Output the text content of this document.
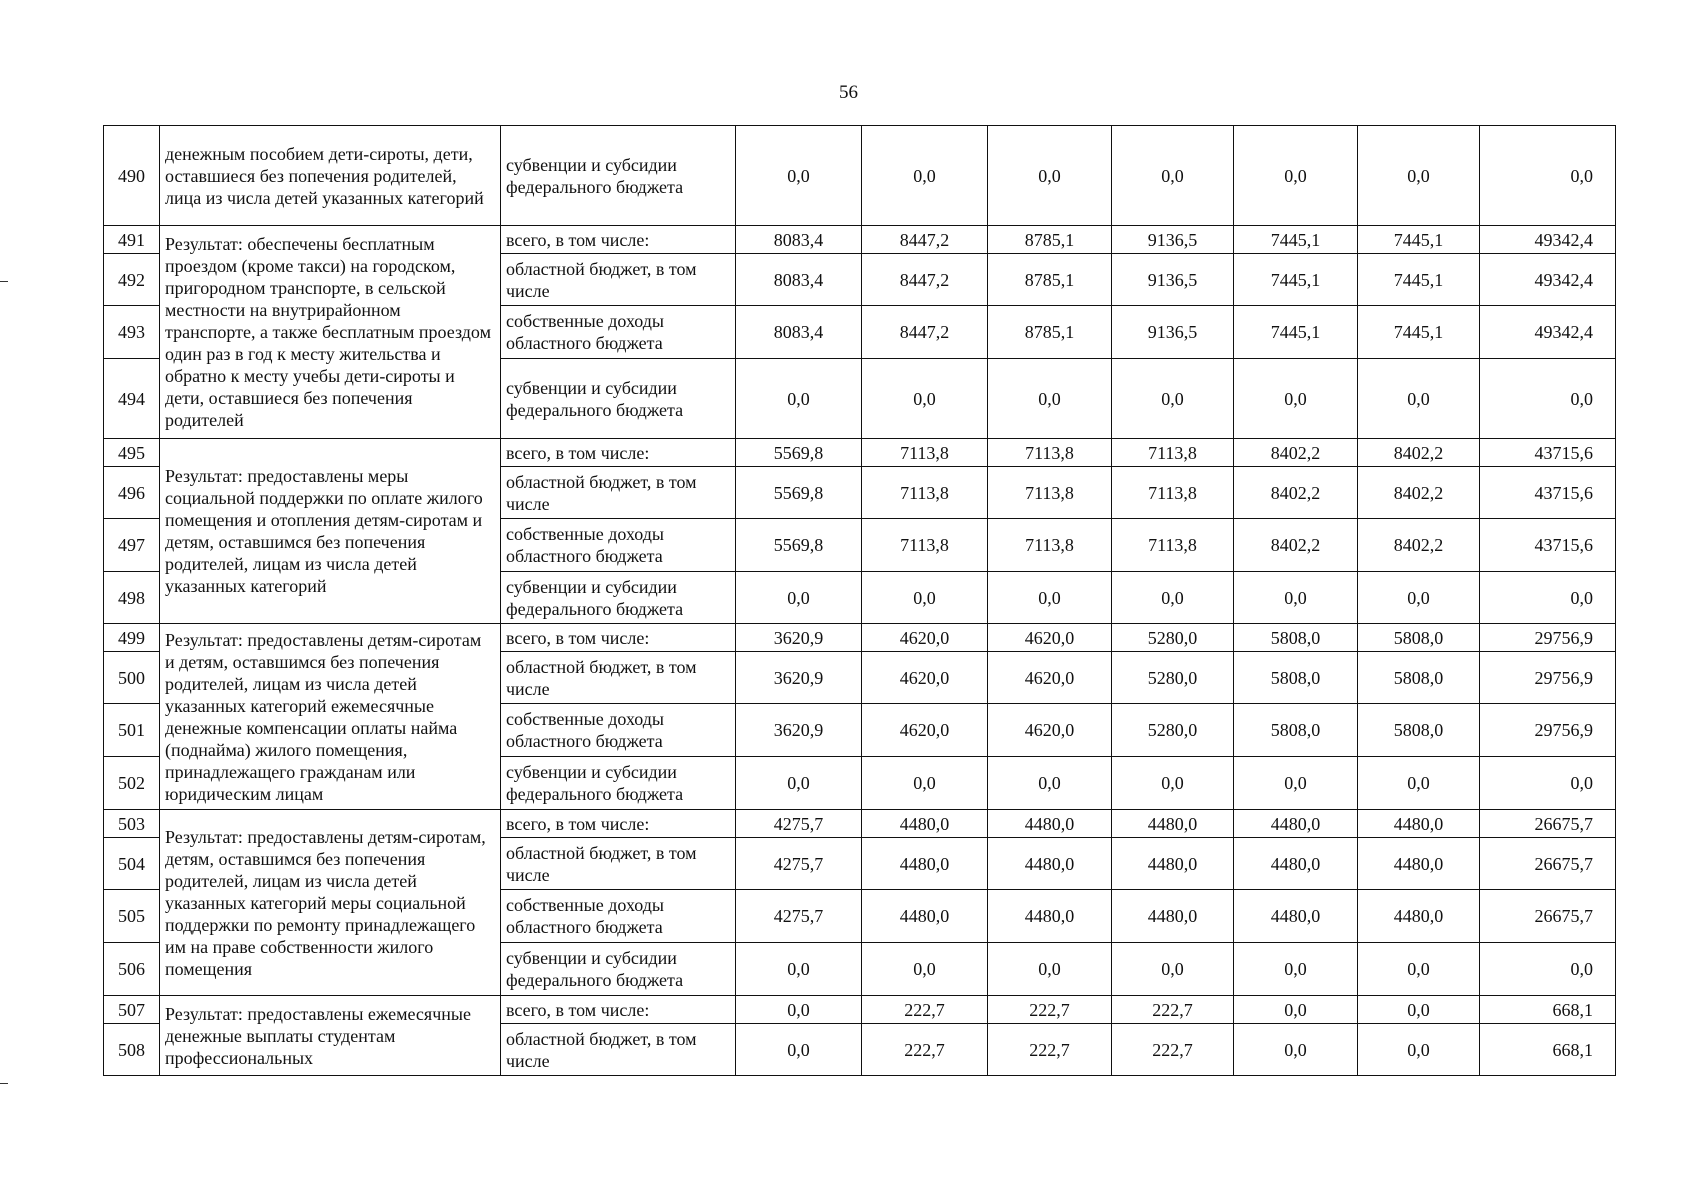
56
490	денежным пособием дети-сироты, дети, оставшиеся без попечения родителей, лица из числа детей указанных категорий	субвенции и субсидии федерального бюджета	0,0	0,0	0,0	0,0	0,0	0,0	0,0
491	Результат: обеспечены бесплатным проездом (кроме такси) на городском, пригородном транспорте, в сельской местности на внутрирайонном транспорте, а также бесплатным проездом один раз в год к месту жительства и обратно к месту учебы дети-сироты и дети, оставшиеся без попечения родителей	всего, в том числе:	8083,4	8447,2	8785,1	9136,5	7445,1	7445,1	49342,4
492		областной бюджет, в том числе	8083,4	8447,2	8785,1	9136,5	7445,1	7445,1	49342,4
493		собственные доходы областного бюджета	8083,4	8447,2	8785,1	9136,5	7445,1	7445,1	49342,4
494		субвенции и субсидии федерального бюджета	0,0	0,0	0,0	0,0	0,0	0,0	0,0
495	Результат: предоставлены меры социальной поддержки по оплате жилого помещения и отопления детям-сиротам и детям, оставшимся без попечения родителей, лицам из числа детей указанных категорий	всего, в том числе:	5569,8	7113,8	7113,8	7113,8	8402,2	8402,2	43715,6
496		областной бюджет, в том числе	5569,8	7113,8	7113,8	7113,8	8402,2	8402,2	43715,6
497		собственные доходы областного бюджета	5569,8	7113,8	7113,8	7113,8	8402,2	8402,2	43715,6
498		субвенции и субсидии федерального бюджета	0,0	0,0	0,0	0,0	0,0	0,0	0,0
499	Результат: предоставлены детям-сиротам и детям, оставшимся без попечения родителей, лицам из числа детей указанных категорий ежемесячные денежные компенсации оплаты найма (поднайма) жилого помещения, принадлежащего гражданам или юридическим лицам	всего, в том числе:	3620,9	4620,0	4620,0	5280,0	5808,0	5808,0	29756,9
500		областной бюджет, в том числе	3620,9	4620,0	4620,0	5280,0	5808,0	5808,0	29756,9
501		собственные доходы областного бюджета	3620,9	4620,0	4620,0	5280,0	5808,0	5808,0	29756,9
502		субвенции и субсидии федерального бюджета	0,0	0,0	0,0	0,0	0,0	0,0	0,0
503	Результат: предоставлены детям-сиротам, детям, оставшимся без попечения родителей, лицам из числа детей указанных категорий меры социальной поддержки по ремонту принадлежащего им на праве собственности жилого помещения	всего, в том числе:	4275,7	4480,0	4480,0	4480,0	4480,0	4480,0	26675,7
504		областной бюджет, в том числе	4275,7	4480,0	4480,0	4480,0	4480,0	4480,0	26675,7
505		собственные доходы областного бюджета	4275,7	4480,0	4480,0	4480,0	4480,0	4480,0	26675,7
506		субвенции и субсидии федерального бюджета	0,0	0,0	0,0	0,0	0,0	0,0	0,0
507	Результат: предоставлены ежемесячные денежные выплаты студентам профессиональных	всего, в том числе:	0,0	222,7	222,7	222,7	0,0	0,0	668,1
508		областной бюджет, в том числе	0,0	222,7	222,7	222,7	0,0	0,0	668,1
